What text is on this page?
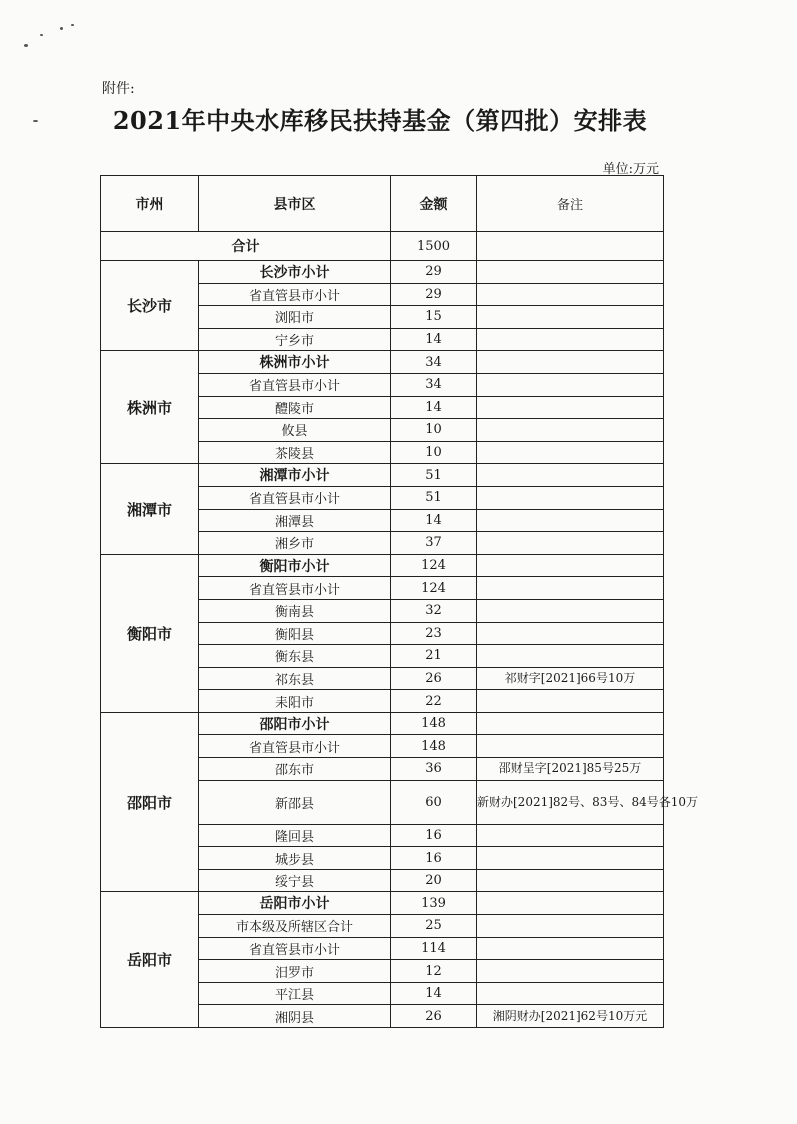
附件:
2021年中央水库移民扶持基金（第四批）安排表
单位:万元
市州	县市区	金额	备注
合计		1500	
长沙市	长沙市小计	29	
	省直管县市小计	29	
	浏阳市	15	
	宁乡市	14	
株洲市	株洲市小计	34	
	省直管县市小计	34	
	醴陵市	14	
	攸县	10	
	茶陵县	10	
湘潭市	湘潭市小计	51	
	省直管县市小计	51	
	湘潭县	14	
	湘乡市	37	
衡阳市	衡阳市小计	124	
	省直管县市小计	124	
	衡南县	32	
	衡阳县	23	
	衡东县	21	
	祁东县	26	祁财字[2021]66号10万
	耒阳市	22	
邵阳市	邵阳市小计	148	
	省直管县市小计	148	
	邵东市	36	邵财呈字[2021]85号25万
	新邵县	60	新财办[2021]82号、83号、84号各10万
	隆回县	16	
	城步县	16	
	绥宁县	20	
岳阳市	岳阳市小计	139	
	市本级及所辖区合计	25	
	省直管县市小计	114	
	汨罗市	12	
	平江县	14	
	湘阴县	26	湘阴财办[2021]62号10万元
